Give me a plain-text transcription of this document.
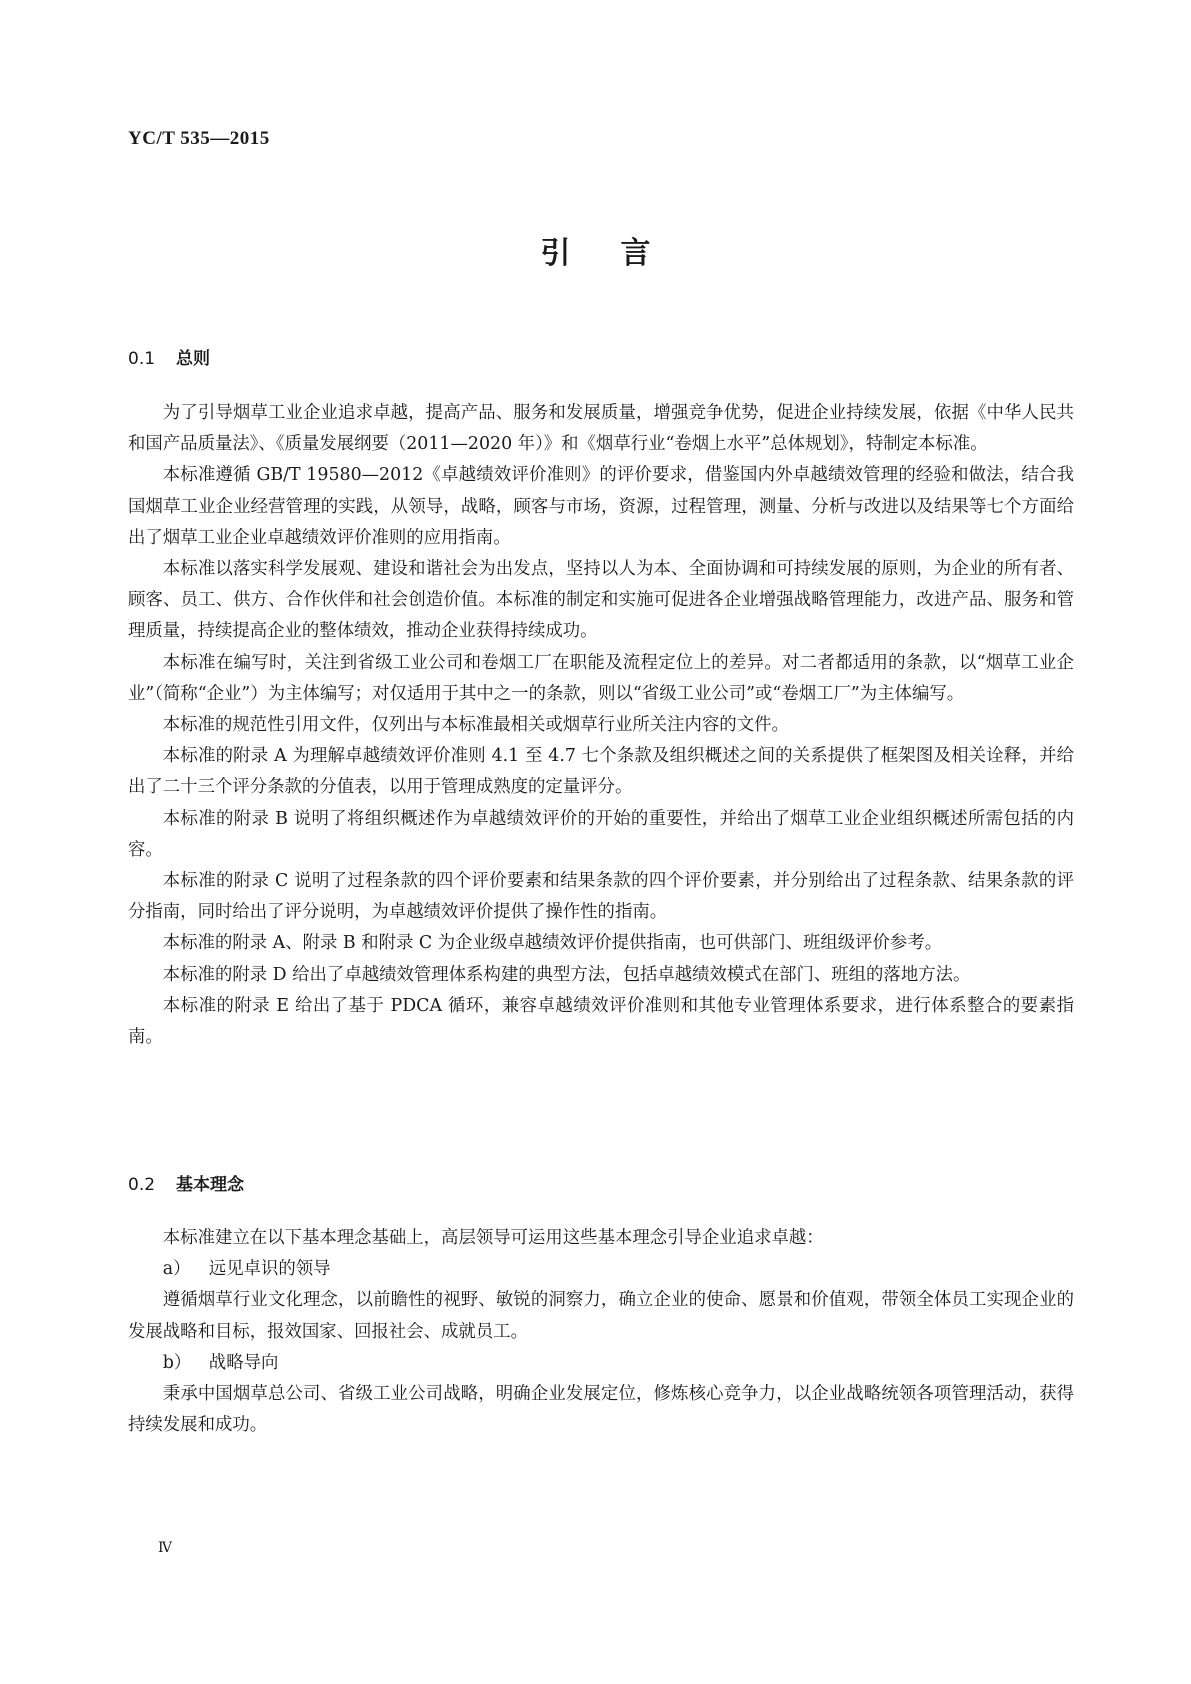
YC/T 535—2015
引言
0.1 总则

为了引导烟草工业企业追求卓越，提高产品、服务和发展质量，增强竞争优势，促进企业持续发展，依据《中华人民共和国产品质量法》、《质量发展纲要（2011—2020 年）》和《烟草行业“卷烟上水平”总体规划》，特制定本标准。

本标准遵循 GB/T 19580—2012《卓越绩效评价准则》的评价要求，借鉴国内外卓越绩效管理的经验和做法，结合我国烟草工业企业经营管理的实践，从领导，战略，顾客与市场，资源，过程管理，测量、分析与改进以及结果等七个方面给出了烟草工业企业卓越绩效评价准则的应用指南。

本标准以落实科学发展观、建设和谐社会为出发点，坚持以人为本、全面协调和可持续发展的原则，为企业的所有者、顾客、员工、供方、合作伙伴和社会创造价值。本标准的制定和实施可促进各企业增强战略管理能力，改进产品、服务和管理质量，持续提高企业的整体绩效，推动企业获得持续成功。

本标准在编写时，关注到省级工业公司和卷烟工厂在职能及流程定位上的差异。对二者都适用的条款，以“烟草工业企业”（简称“企业”）为主体编写；对仅适用于其中之一的条款，则以“省级工业公司”或“卷烟工厂”为主体编写。

本标准的规范性引用文件，仅列出与本标准最相关或烟草行业所关注内容的文件。

本标准的附录 A 为理解卓越绩效评价准则 4.1 至 4.7 七个条款及组织概述之间的关系提供了框架图及相关诠释，并给出了二十三个评分条款的分值表，以用于管理成熟度的定量评分。

本标准的附录 B 说明了将组织概述作为卓越绩效评价的开始的重要性，并给出了烟草工业企业组织概述所需包括的内容。

本标准的附录 C 说明了过程条款的四个评价要素和结果条款的四个评价要素，并分别给出了过程条款、结果条款的评分指南，同时给出了评分说明，为卓越绩效评价提供了操作性的指南。

本标准的附录 A、附录 B 和附录 C 为企业级卓越绩效评价提供指南，也可供部门、班组级评价参考。

本标准的附录 D 给出了卓越绩效管理体系构建的典型方法，包括卓越绩效模式在部门、班组的落地方法。

本标准的附录 E 给出了基于 PDCA 循环，兼容卓越绩效评价准则和其他专业管理体系要求，进行体系整合的要素指南。

0.2 基本理念

本标准建立在以下基本理念基础上，高层领导可运用这些基本理念引导企业追求卓越：

a） 远见卓识的领导

遵循烟草行业文化理念，以前瞻性的视野、敏锐的洞察力，确立企业的使命、愿景和价值观，带领全体员工实现企业的发展战略和目标，报效国家、回报社会、成就员工。

b） 战略导向

秉承中国烟草总公司、省级工业公司战略，明确企业发展定位，修炼核心竞争力，以企业战略统领各项管理活动，获得持续发展和成功。

Ⅳ
